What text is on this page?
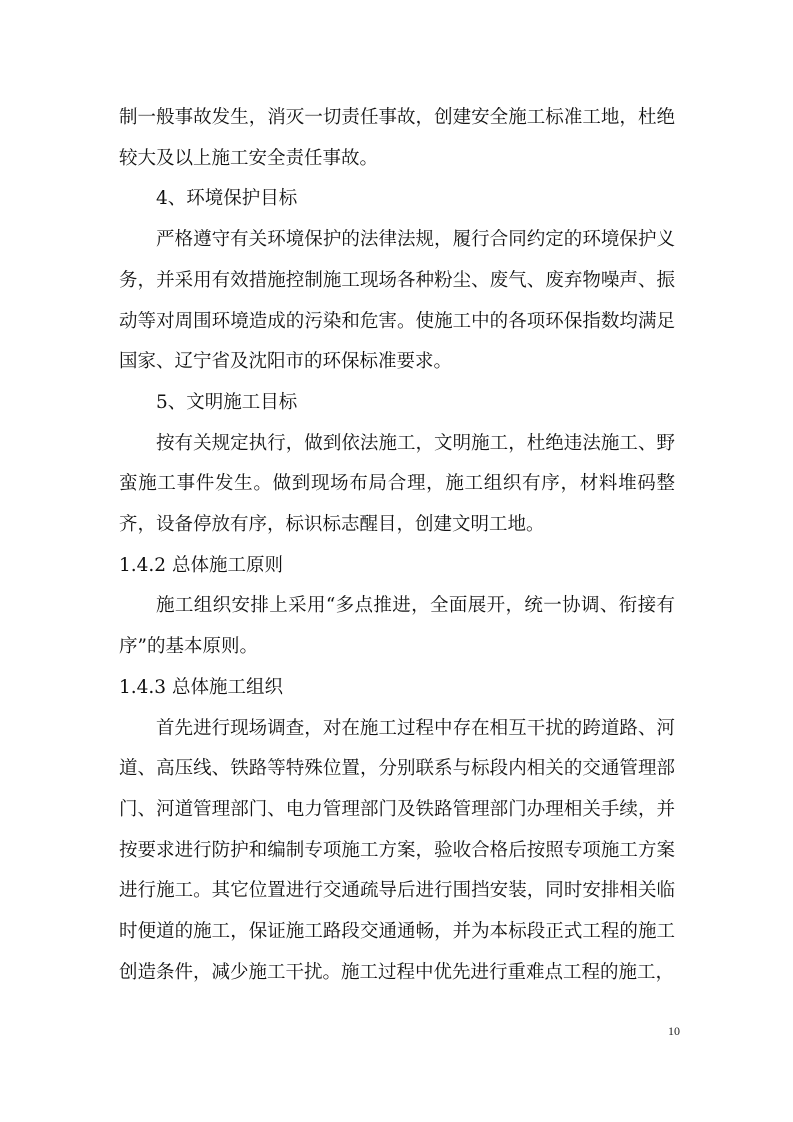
制一般事故发生，消灭一切责任事故，创建安全施工标准工地，杜绝较大及以上施工安全责任事故。

4、环境保护目标

严格遵守有关环境保护的法律法规，履行合同约定的环境保护义务，并采用有效措施控制施工现场各种粉尘、废气、废弃物噪声、振动等对周围环境造成的污染和危害。使施工中的各项环保指数均满足国家、辽宁省及沈阳市的环保标准要求。

5、文明施工目标

按有关规定执行，做到依法施工，文明施工，杜绝违法施工、野蛮施工事件发生。做到现场布局合理，施工组织有序，材料堆码整齐，设备停放有序，标识标志醒目，创建文明工地。

1.4.2 总体施工原则

施工组织安排上采用“多点推进，全面展开，统一协调、衔接有序”的基本原则。

1.4.3 总体施工组织

首先进行现场调查，对在施工过程中存在相互干扰的跨道路、河道、高压线、铁路等特殊位置，分别联系与标段内相关的交通管理部门、河道管理部门、电力管理部门及铁路管理部门办理相关手续，并按要求进行防护和编制专项施工方案，验收合格后按照专项施工方案进行施工。其它位置进行交通疏导后进行围挡安装，同时安排相关临时便道的施工，保证施工路段交通通畅，并为本标段正式工程的施工创造条件，减少施工干扰。施工过程中优先进行重难点工程的施工，

10
